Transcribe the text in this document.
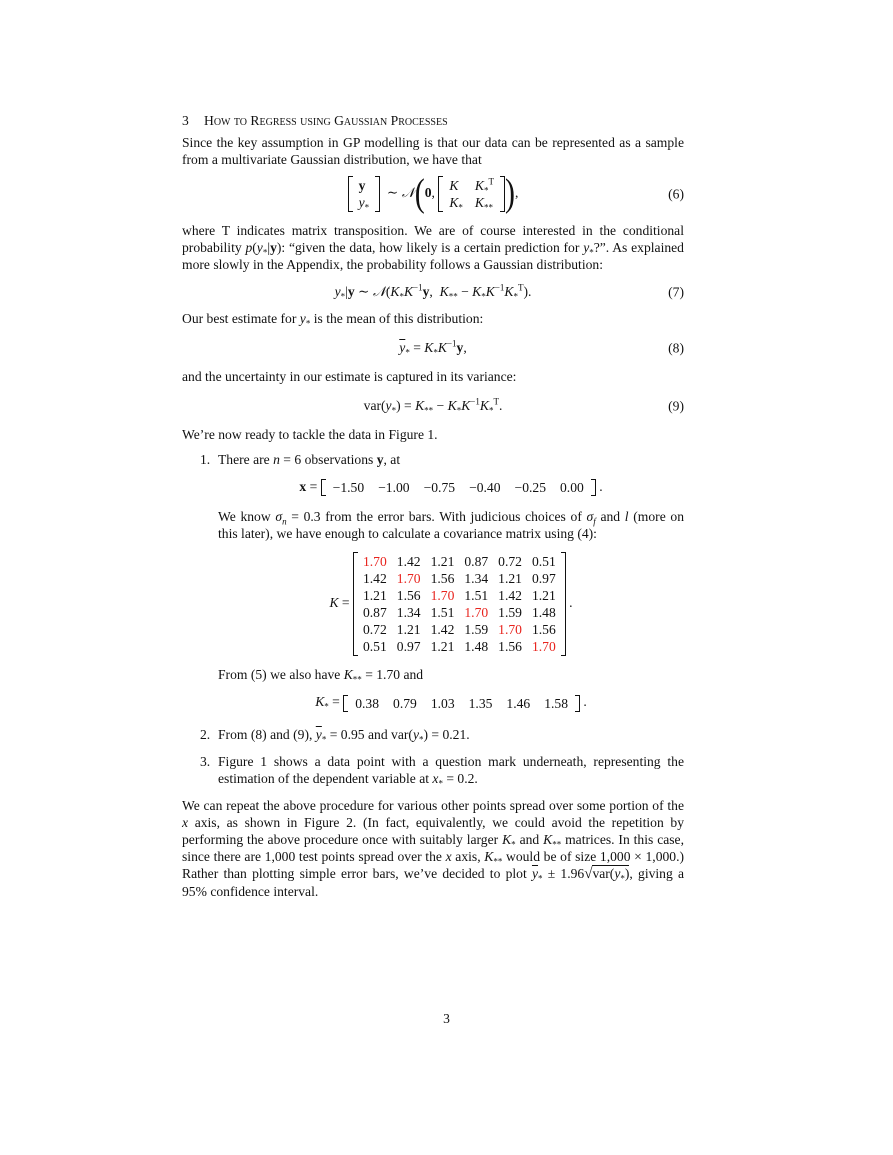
3 How to Regress using Gaussian Processes

Since the key assumption in GP modelling is that our data can be represented as a sample from a multivariate Gaussian distribution, we have that

y
$y_*$
∼ 𝒩(0, K	$K_*^T$
$K_*$	$K_{**}$ ),	(6)

where T indicates matrix transposition. We are of course interested in the conditional probability $p(y_*|y)$: “given the data, how likely is a certain prediction for $y_*$?”. As explained more slowly in the Appendix, the probability follows a Gaussian distribution:

$y_*|y$ ∼ $𝒩(K_*K^{-1}y$,  $K_{**} - K_*K^{-1}K_*^T$).	(7)

Our best estimate for $y_*$ is the mean of this distribution:

$\overline{y}_* = K_*K^{-1}y$,	(8)

and the uncertainty in our estimate is captured in its variance:

$var(y_*) = K_{**} - K_*K^{-1}K_*^T$.	(9)

We’re now ready to tackle the data in Figure 1.

1. There are n = 6 observations y, at
x = −1.50 −1.00 −0.75 −0.40 −0.25 0.00 .

We know $\sigma_n = 0.3$ from the error bars. With judicious choices of $\sigma_f$ and l (more on this later), we have enough to calculate a covariance matrix using (4):

K =
1.70	1.42	1.21	0.87	0.72	0.51
1.42	1.70	1.56	1.34	1.21	0.97
1.21	1.56	1.70	1.51	1.42	1.21
0.87	1.34	1.51	1.70	1.59	1.48
0.72	1.21	1.42	1.59	1.70	1.56
0.51	0.97	1.21	1.48	1.56	1.70
.

From (5) we also have $K_{**} = 1.70$ and

$K_* = 0.38$ 0.79 1.03 1.35 1.46 1.58 .
2. From (8) and (9), $\overline{y}_* = 0.95$ and $var(y_*) = 0.21$.
3. Figure 1 shows a data point with a question mark underneath, representing the estimation of the dependent variable at $x_* = 0.2$.

We can repeat the above procedure for various other points spread over some portion of the x axis, as shown in Figure 2. (In fact, equivalently, we could avoid the repetition by performing the above procedure once with suitably larger $K_*$ and $K_{**}$ matrices. In this case, since there are 1,000 test points spread over the x axis, $K_{**}$ would be of size 1,000 × 1,000.) Rather than plotting simple error bars, we’ve decided to plot $\overline{y}_* \pm 1.96√var(y_*)$, giving a 95% confidence interval.

3
